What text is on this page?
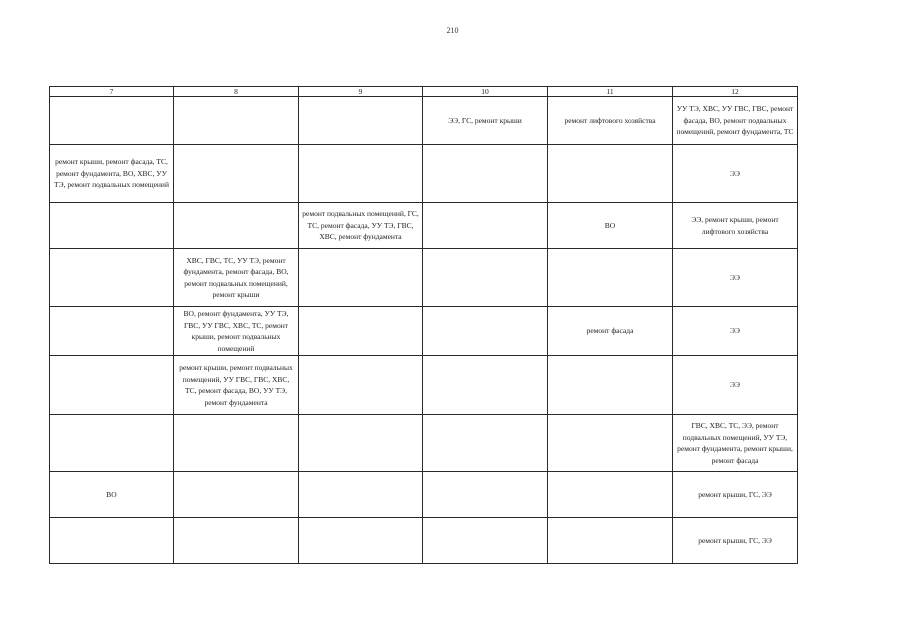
210
7	8	9	10	11	12
			ЭЭ, ГС, ремонт крыши	ремонт лифтового хозяйства	УУ ТЭ, ХВС, УУ ГВС, ГВС, ремонт фасада, ВО, ремонт подвальных помещений, ремонт фундамента, ТС
ремонт крыши, ремонт фасада, ТС, ремонт фундамента, ВО, ХВС, УУ ТЭ, ремонт подвальных помещений					ЭЭ
		ремонт подвальных помещений, ГС, ТС, ремонт фасада, УУ ТЭ, ГВС, ХВС, ремонт фундамента		ВО	ЭЭ, ремонт крыши, ремонт лифтового хозяйства
	ХВС, ГВС, ТС, УУ ТЭ, ремонт фундамента, ремонт фасада, ВО, ремонт подвальных помещений, ремонт крыши				ЭЭ
	ВО, ремонт фундамента, УУ ТЭ, ГВС, УУ ГВС, ХВС, ТС, ремонт крыши, ремонт подвальных помещений			ремонт фасада	ЭЭ
	ремонт крыши, ремонт подвальных помещений, УУ ГВС, ГВС, ХВС, ТС, ремонт фасада, ВО, УУ ТЭ, ремонт фундамента				ЭЭ
					ГВС, ХВС, ТС, ЭЭ, ремонт подвальных помещений, УУ ТЭ, ремонт фундамента, ремонт крыши, ремонт фасада
ВО					ремонт крыши, ГС, ЭЭ
					ремонт крыши, ГС, ЭЭ
